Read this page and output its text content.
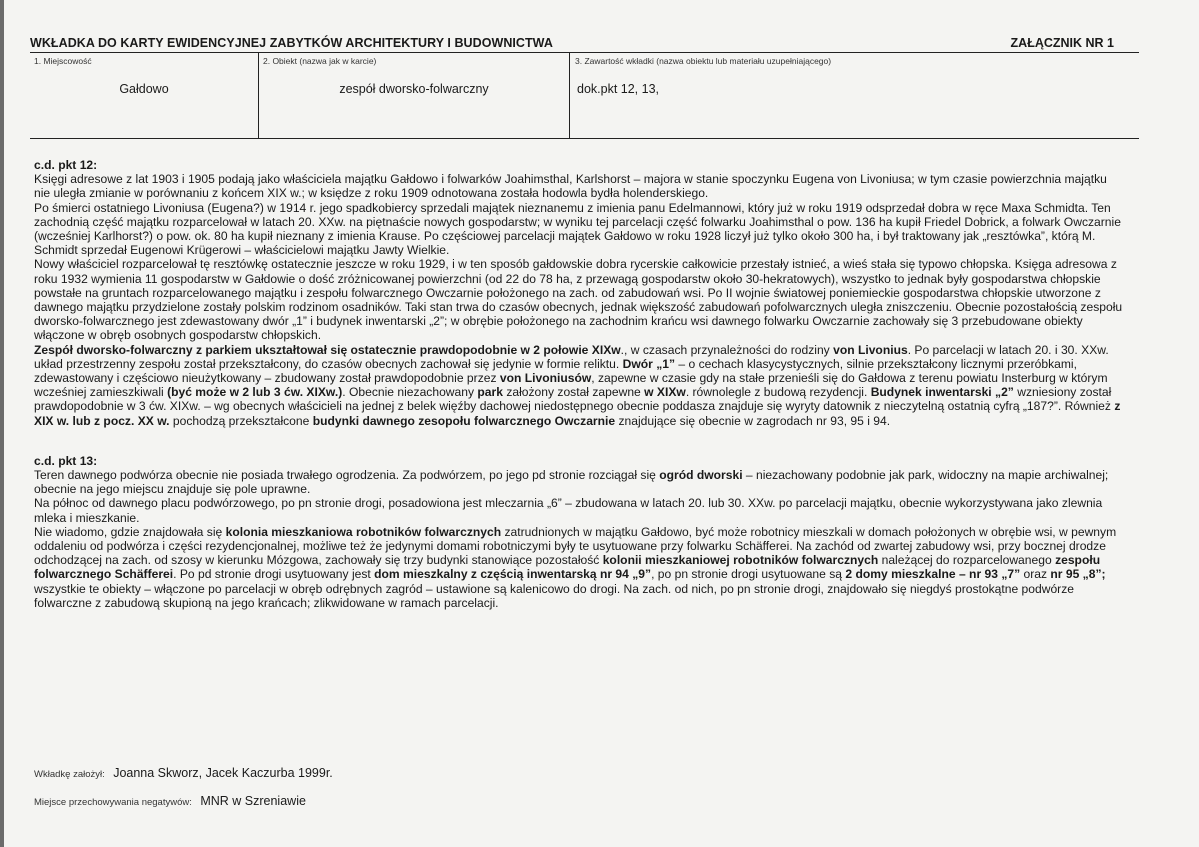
WKŁADKA DO KARTY EWIDENCYJNEJ ZABYTKÓW ARCHITEKTURY I BUDOWNICTWA	ZAŁĄCZNIK NR 1
1. Miejscowość
Gałdowo
2. Obiekt (nazwa jak w karcie)
zespół dworsko-folwarczny
3. Zawartość wkładki (nazwa obiektu lub materiału uzupełniającego)
dok.pkt 12, 13,

c.d. pkt 12:

Księgi adresowe z lat 1903 i 1905 podają jako właściciela majątku Gałdowo i folwarków Joahimsthal, Karlshorst – majora w stanie spoczynku Eugena von Livoniusa; w tym czasie powierzchnia majątku nie uległa zmianie w porównaniu z końcem XIX w.; w księdze z roku 1909 odnotowana została hodowla bydła holenderskiego.

Po śmierci ostatniego Livoniusa (Eugena?) w 1914 r. jego spadkobiercy sprzedali majątek nieznanemu z imienia panu Edelmannowi, który już w roku 1919 odsprzedał dobra w ręce Maxa Schmidta. Ten zachodnią część majątku rozparcelował w latach 20. XXw. na piętnaście nowych gospodarstw; w wyniku tej parcelacji część folwarku Joahimsthal o pow. 136 ha kupił Friedel Dobrick, a folwark Owczarnie (wcześniej Karlhorst?) o pow. ok. 80 ha kupił nieznany z imienia Krause. Po częściowej parcelacji majątek Gałdowo w roku 1928 liczył już tylko około 300 ha, i był traktowany jak „resztówka”, którą M. Schmidt sprzedał Eugenowi Krügerowi – właścicielowi majątku Jawty Wielkie.

Nowy właściciel rozparcelował tę resztówkę ostatecznie jeszcze w roku 1929, i w ten sposób gałdowskie dobra rycerskie całkowicie przestały istnieć, a wieś stała się typowo chłopska. Księga adresowa z roku 1932 wymienia 11 gospodarstw w Gałdowie o dość zróżnicowanej powierzchni (od 22 do 78 ha, z przewagą gospodarstw około 30-hekratowych), wszystko to jednak były gospodarstwa chłopskie powstałe na gruntach rozparcelowanego majątku i zespołu folwarcznego Owczarnie położonego na zach. od zabudowań wsi. Po II wojnie światowej poniemieckie gospodarstwa chłopskie utworzone z dawnego majątku przydzielone zostały polskim rodzinom osadników. Taki stan trwa do czasów obecnych, jednak większość zabudowań pofolwarcznych uległa zniszczeniu. Obecnie pozostałością zespołu dworsko-folwarcznego jest zdewastowany dwór „1” i budynek inwentarski „2”; w obrębie położonego na zachodnim krańcu wsi dawnego folwarku Owczarnie zachowały się 3 przebudowane obiekty włączone w obręb osobnych gospodarstw chłopskich.

Zespół dworsko-folwarczny z parkiem ukształtował się ostatecznie prawdopodobnie w 2 połowie XIXw., w czasach przynależności do rodziny von Livonius. Po parcelacji w latach 20. i 30. XXw. układ przestrzenny zespołu został przekształcony, do czasów obecnych zachował się jedynie w formie reliktu. Dwór „1” – o cechach klasycystycznych, silnie przekształcony licznymi przeróbkami, zdewastowany i częściowo nieużytkowany – zbudowany został prawdopodobnie przez von Livoniusów, zapewne w czasie gdy na stałe przenieśli się do Gałdowa z terenu powiatu Insterburg w którym wcześniej zamieszkiwali (być może w 2 lub 3 ćw. XIXw.). Obecnie niezachowany park założony został zapewne w XIXw. równolegle z budową rezydencji. Budynek inwentarski „2” wzniesiony został prawdopodobnie w 3 ćw. XIXw. – wg obecnych właścicieli na jednej z belek więźby dachowej niedostępnego obecnie poddasza znajduje się wyryty datownik z nieczytelną ostatnią cyfrą „187?”. Również z XIX w. lub z pocz. XX w. pochodzą przekształcone budynki dawnego zesopołu folwarcznego Owczarnie znajdujące się obecnie w zagrodach nr 93, 95 i 94.

c.d. pkt 13:

Teren dawnego podwórza obecnie nie posiada trwałego ogrodzenia. Za podwórzem, po jego pd stronie rozciągał się ogród dworski – niezachowany podobnie jak park, widoczny na mapie archiwalnej; obecnie na jego miejscu znajduje się pole uprawne.

Na północ od dawnego placu podwórzowego, po pn stronie drogi, posadowiona jest mleczarnia „6” – zbudowana w latach 20. lub 30. XXw. po parcelacji majątku, obecnie wykorzystywana jako zlewnia mleka i mieszkanie.

Nie wiadomo, gdzie znajdowała się kolonia mieszkaniowa robotników folwarcznych zatrudnionych w majątku Gałdowo, być może robotnicy mieszkali w domach położonych w obrębie wsi, w pewnym oddaleniu od podwórza i części rezydencjonalnej, możliwe też że jedynymi domami robotniczymi były te usytuowane przy folwarku Schäfferei. Na zachód od zwartej zabudowy wsi, przy bocznej drodze odchodzącej na zach. od szosy w kierunku Mózgowa, zachowały się trzy budynki stanowiące pozostałość kolonii mieszkaniowej robotników folwarcznych należącej do rozparcelowanego zespołu folwarcznego Schäfferei. Po pd stronie drogi usytuowany jest dom mieszkalny z częścią inwentarską nr 94 „9”, po pn stronie drogi usytuowane są 2 domy mieszkalne – nr 93 „7” oraz nr 95 „8”; wszystkie te obiekty – włączone po parcelacji w obręb odrębnych zagród – ustawione są kalenicowo do drogi. Na zach. od nich, po pn stronie drogi, znajdowało się niegdyś prostokątne podwórze folwarczne z zabudową skupioną na jego krańcach; zlikwidowane w ramach parcelacji.

Wkładkę założył: Joanna Skworz, Jacek Kaczurba 1999r.
Miejsce przechowywania negatywów: MNR w Szreniawie
